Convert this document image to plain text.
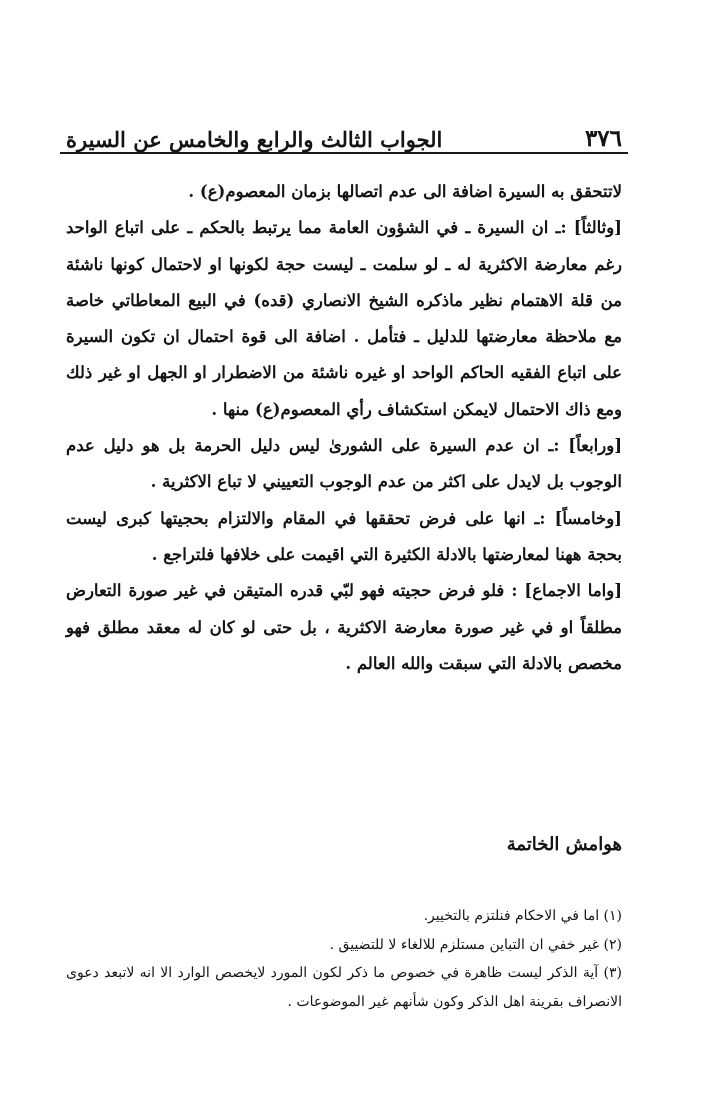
الجواب الثالث والرابع والخامس عن السيرة	٣٧٦

لاتتحقق به السيرة اضافة الى عدم اتصالها بزمان المعصوم(ع) .

[وثالثاً] :ـ ان السيرة ـ في الشؤون العامة مما يرتبط بالحكم ـ على اتباع الواحد رغم معارضة الاكثرية له ـ لو سلمت ـ ليست حجة لكونها او لاحتمال كونها ناشئة من قلة الاهتمام نظير ماذكره الشيخ الانصاري (قده) في البيع المعاطاتي خاصة مع ملاحظة معارضتها للدليل ـ فتأمل . اضافة الى قوة احتمال ان تكون السيرة على اتباع الفقيه الحاكم الواحد او غيره ناشئة من الاضطرار او الجهل او غير ذلك ومع ذاك الاحتمال لايمكن استكشاف رأي المعصوم(ع) منها .

[ورابعاً] :ـ ان عدم السيرة على الشورىٰ ليس دليل الحرمة بل هو دليل عدم الوجوب بل لايدل على اكثر من عدم الوجوب التعييني لا تباع الاكثرية .

[وخامساً] :ـ انها على فرض تحققها في المقام والالتزام بحجيتها كبرى ليست بحجة ههنا لمعارضتها بالادلة الكثيرة التي اقيمت على خلافها فلتراجع .

[واما الاجماع] : فلو فرض حجيته فهو لبّي قدره المتيقن في غير صورة التعارض مطلقاً او في غير صورة معارضة الاكثرية ، بل حتى لو كان له معقد مطلق فهو مخصص بالادلة التي سبقت والله العالم .

هوامش الخاتمة

(١) اما في الاحكام فنلتزم بالتخيير.

(٢) غير خفي ان التباين مستلزم للالغاء لا للتضييق .

(٣) آية الذكر ليست ظاهرة في خصوص ما ذكر لكون المورد لايخصص الوارد الا انه لاتبعد دعوى الانصراف بقرينة اهل الذكر وكون شأنهم غير الموضوعات .
